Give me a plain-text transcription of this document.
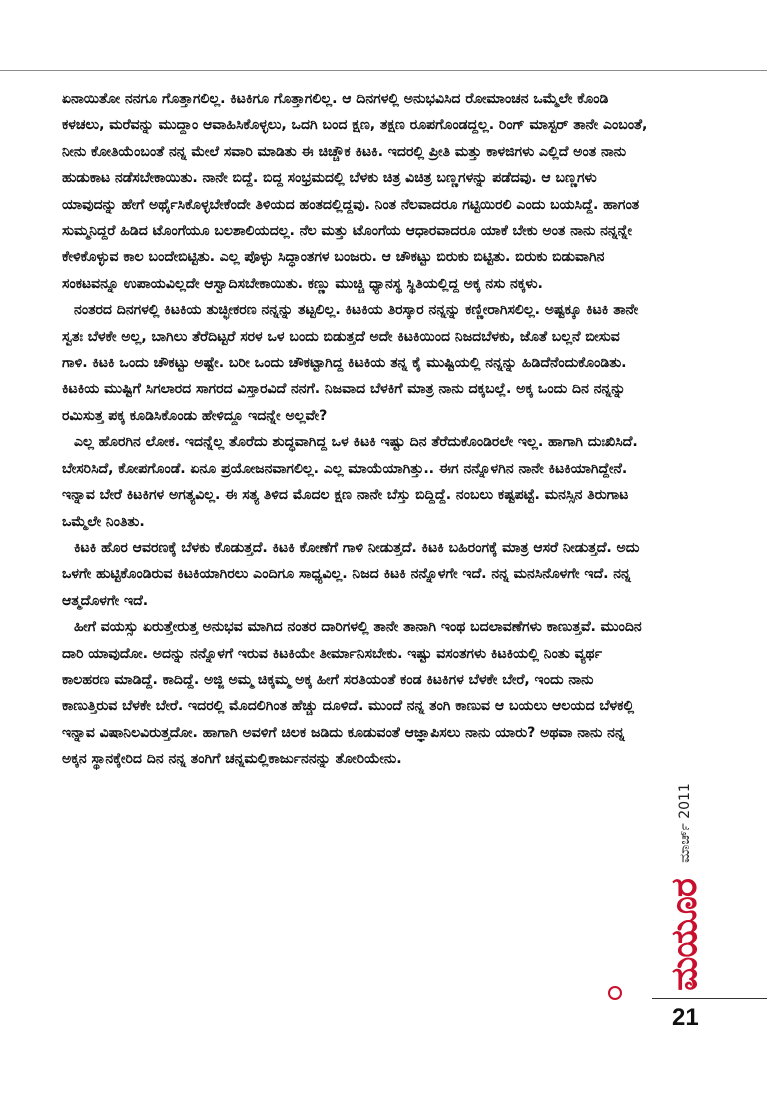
ಏನಾಯಿತೋ ನನಗೂ ಗೊತ್ತಾಗಲಿಲ್ಲ. ಕಿಟಕಿಗೂ ಗೊತ್ತಾಗಲಿಲ್ಲ. ಆ ದಿನಗಳಲ್ಲಿ ಅನುಭವಿಸಿದ ರೋಮಾಂಚನ ಒಮ್ಮೆಲೇ ಕೊಂಡಿ ಕಳಚಲು, ಮರೆವನ್ನು ಮುದ್ದಾಂ ಆವಾಹಿಸಿಕೊಳ್ಳಲು, ಒದಗಿ ಬಂದ ಕ್ಷಣ, ತಕ್ಷಣ ರೂಪಗೊಂಡದ್ದಲ್ಲ. ರಿಂಗ್ ಮಾಸ್ಟರ್ ತಾನೇ ಎಂಬಂತೆ, ನೀನು ಕೋತಿಯೆಂಬಂತೆ ನನ್ನ ಮೇಲೆ ಸವಾರಿ ಮಾಡಿತು ಈ ಚಿಚ್ಚೌಕ ಕಿಟಕಿ. ಇದರಲ್ಲಿ ಪ್ರೀತಿ ಮತ್ತು ಕಾಳಜಿಗಳು ಎಲ್ಲಿದೆ ಅಂತ ನಾನು ಹುಡುಕಾಟ ನಡೆಸಬೇಕಾಯಿತು. ನಾನೇ ಬಿದ್ದೆ. ಬಿದ್ದ ಸಂಭ್ರಮದಲ್ಲಿ ಬೆಳಕು ಚಿತ್ರ ವಿಚಿತ್ರ ಬಣ್ಣಗಳನ್ನು ಪಡೆದವು. ಆ ಬಣ್ಣಗಳು ಯಾವುದನ್ನು ಹೇಗೆ ಅರ್ಥೈಸಿಕೊಳ್ಳಬೇಕೆಂದೇ ತಿಳಿಯದ ಹಂತದಲ್ಲಿದ್ದವು. ನಿಂತ ನೆಲವಾದರೂ ಗಟ್ಟಿಯಿರಲಿ ಎಂದು ಬಯಸಿದ್ದೆ. ಹಾಗಂತ ಸುಮ್ಮನಿದ್ದರೆ ಹಿಡಿದ ಟೊಂಗೆಯೂ ಬಲಶಾಲಿಯದಲ್ಲ. ನೆಲ ಮತ್ತು ಟೊಂಗೆಯ ಆಧಾರವಾದರೂ ಯಾಕೆ ಬೇಕು ಅಂತ ನಾನು ನನ್ನನ್ನೇ ಕೇಳಿಕೊಳ್ಳುವ ಕಾಲ ಬಂದೇಬಿಟ್ಟಿತು. ಎಲ್ಲ ಪೊಳ್ಳು ಸಿದ್ಧಾಂತಗಳ ಬಂಜರು. ಆ ಚೌಕಟ್ಟು ಬಿರುಕು ಬಿಟ್ಟಿತು. ಬಿರುಕು ಬಿಡುವಾಗಿನ ಸಂಕಟವನ್ನೂ ಉಪಾಯವಿಲ್ಲದೇ ಆಸ್ವಾದಿಸಬೇಕಾಯಿತು. ಕಣ್ಣು ಮುಚ್ಚಿ ಧ್ಯಾನಸ್ಥ ಸ್ಥಿತಿಯಲ್ಲಿದ್ದ ಅಕ್ಕ ನಸು ನಕ್ಕಳು.

ನಂತರದ ದಿನಗಳಲ್ಲಿ ಕಿಟಕಿಯ ತುಚ್ಛೀಕರಣ ನನ್ನನ್ನು ತಟ್ಟಲಿಲ್ಲ. ಕಿಟಕಿಯ ತಿರಸ್ಕಾರ ನನ್ನನ್ನು ಕಣ್ಣೀರಾಗಿಸಲಿಲ್ಲ. ಅಷ್ಟಕ್ಕೂ ಕಿಟಕಿ ತಾನೇ ಸ್ವತಃ ಬೆಳಕೇ ಅಲ್ಲ, ಬಾಗಿಲು ತೆರೆದಿಟ್ಟರೆ ಸರಳ ಒಳ ಬಂದು ಬಿಡುತ್ತದೆ ಅದೇ ಕಿಟಕಿಯಿಂದ ನಿಜದಬೆಳಕು, ಜೊತೆ ಬಲ್ಲನೆ ಬೀಸುವ ಗಾಳಿ. ಕಿಟಕಿ ಒಂದು ಚೌಕಟ್ಟು ಅಷ್ಟೇ. ಬರೀ ಒಂದು ಚೌಕಟ್ಟಾಗಿದ್ದ ಕಿಟಕಿಯ ತನ್ನ ಕೈ ಮುಷ್ಟಿಯಲ್ಲಿ ನನ್ನನ್ನು ಹಿಡಿದೆನೆಂದುಕೊಂಡಿತು. ಕಿಟಕಿಯ ಮುಷ್ಟಿಗೆ ಸಿಗಲಾರದ ಸಾಗರದ ವಿಸ್ತಾರವಿದೆ ನನಗೆ. ನಿಜವಾದ ಬೆಳಕಿಗೆ ಮಾತ್ರ ನಾನು ದಕ್ಕಬಲ್ಲೆ. ಅಕ್ಕ ಒಂದು ದಿನ ನನ್ನನ್ನು ರಮಿಸುತ್ತ ಪಕ್ಕ ಕೂಡಿಸಿಕೊಂಡು ಹೇಳಿದ್ದೂ ಇದನ್ನೇ ಅಲ್ಲವೇ?

ಎಲ್ಲ ಹೊರಗಿನ ಲೋಕ. ಇದನ್ನೆಲ್ಲ ತೊರೆದು ಶುದ್ಧವಾಗಿದ್ದ ಒಳ ಕಿಟಕಿ ಇಷ್ಟು ದಿನ ತೆರೆದುಕೊಂಡಿರಲೇ ಇಲ್ಲ. ಹಾಗಾಗಿ ದುಃಖಿಸಿದೆ. ಬೇಸರಿಸಿದೆ, ಕೋಪಗೊಂಡೆ. ಏನೂ ಪ್ರಯೋಜನವಾಗಲಿಲ್ಲ. ಎಲ್ಲ ಮಾಯೆಯಾಗಿತ್ತು.. ಈಗ ನನ್ನೊಳಗಿನ ನಾನೇ ಕಿಟಕಿಯಾಗಿದ್ದೇನೆ. ಇನ್ನಾವ ಬೇರೆ ಕಿಟಕಿಗಳ ಅಗತ್ಯವಿಲ್ಲ. ಈ ಸತ್ಯ ತಿಳಿದ ಮೊದಲ ಕ್ಷಣ ನಾನೇ ಬೆಸ್ತು ಬಿದ್ದಿದ್ದೆ. ನಂಬಲು ಕಷ್ಟಪಟ್ಟೆ. ಮನಸ್ಸಿನ ತಿರುಗಾಟ ಒಮ್ಮೆಲೇ ನಿಂತಿತು.

ಕಿಟಕಿ ಹೊರ ಆವರಣಕ್ಕೆ ಬೆಳಕು ಕೊಡುತ್ತದೆ. ಕಿಟಕಿ ಕೋಣೆಗೆ ಗಾಳಿ ನೀಡುತ್ತದೆ. ಕಿಟಕಿ ಬಹಿರಂಗಕ್ಕೆ ಮಾತ್ರ ಆಸರೆ ನೀಡುತ್ತದೆ. ಅದು ಒಳಗೇ ಹುಟ್ಟಿಕೊಂಡಿರುವ ಕಿಟಕಿಯಾಗಿರಲು ಎಂದಿಗೂ ಸಾಧ್ಯವಿಲ್ಲ. ನಿಜದ ಕಿಟಕಿ ನನ್ನೊಳಗೇ ಇದೆ. ನನ್ನ ಮನಸಿನೊಳಗೇ ಇದೆ. ನನ್ನ ಆತ್ಮದೊಳಗೇ ಇದೆ.

ಹೀಗೆ ವಯಸ್ಸು ಏರುತ್ತೇರುತ್ತ ಅನುಭವ ಮಾಗಿದ ನಂತರ ದಾರಿಗಳಲ್ಲಿ ತಾನೇ ತಾನಾಗಿ ಇಂಥ ಬದಲಾವಣೆಗಳು ಕಾಣುತ್ತವೆ. ಮುಂದಿನ ದಾರಿ ಯಾವುದೋ. ಅದನ್ನು ನನ್ನೊಳಗೆ ಇರುವ ಕಿಟಕಿಯೇ ತೀರ್ಮಾನಿಸಬೇಕು. ಇಷ್ಟು ವಸಂತಗಳು ಕಿಟಕಿಯಲ್ಲಿ ನಿಂತು ವ್ಯರ್ಥ ಕಾಲಹರಣ ಮಾಡಿದ್ದೆ. ಕಾದಿದ್ದೆ. ಅಜ್ಜಿ ಅಮ್ಮ ಚಿಕ್ಕಮ್ಮ ಅಕ್ಕ ಹೀಗೆ ಸರತಿಯಂತೆ ಕಂಡ ಕಿಟಕಿಗಳ ಬೆಳಕೇ ಬೇರೆ, ಇಂದು ನಾನು ಕಾಣುತ್ತಿರುವ ಬೆಳಕೇ ಬೇರೆ. ಇದರಲ್ಲಿ ಮೊದಲಿಗಿಂತ ಹೆಚ್ಚು ದೂಳಿದೆ. ಮುಂದೆ ನನ್ನ ತಂಗಿ ಕಾಣುವ ಆ ಬಯಲು ಆಲಯದ ಬೆಳಕಲ್ಲಿ ಇನ್ನಾವ ವಿಷಾನಿಲವಿರುತ್ತದೋ. ಹಾಗಾಗಿ ಅವಳಿಗೆ ಚಿಲಕ ಜಡಿದು ಕೂಡುವಂತೆ ಆಜ್ಞಾಪಿಸಲು ನಾನು ಯಾರು? ಅಥವಾ ನಾನು ನನ್ನ ಅಕ್ಕನ ಸ್ಥಾನಕ್ಕೇರಿದ ದಿನ ನನ್ನ ತಂಗಿಗೆ ಚನ್ನಮಲ್ಲಿಕಾರ್ಜುನನನ್ನು ತೋರಿಯೇನು.

ಮಾರ್ಚ್ 2011
ಮಯೂರ
21
